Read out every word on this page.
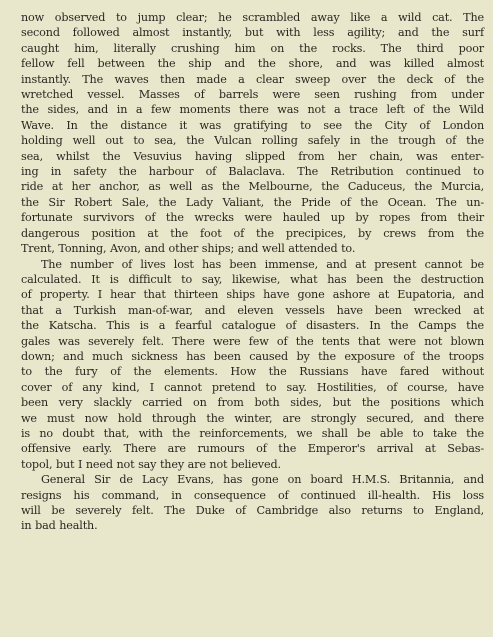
now observed to jump clear; he scrambled away like a wild cat. The
second followed almost instantly, but with less agility; and the surf
caught him, literally crushing him on the rocks. The third poor
fellow fell between the ship and the shore, and was killed almost
instantly. The waves then made a clear sweep over the deck of the
wretched vessel. Masses of barrels were seen rushing from under
the sides, and in a few moments there was not a trace left of the Wild
Wave. In the distance it was gratifying to see the City of London
holding well out to sea, the Vulcan rolling safely in the trough of the
sea, whilst the Vesuvius having slipped from her chain, was enter-
ing in safety the harbour of Balaclava. The Retribution continued to
ride at her anchor, as well as the Melbourne, the Caduceus, the Murcia,
the Sir Robert Sale, the Lady Valiant, the Pride of the Ocean. The un-
fortunate survivors of the wrecks were hauled up by ropes from their
dangerous position at the foot of the precipices, by crews from the
Trent, Tonning, Avon, and other ships; and well attended to.
The number of lives lost has been immense, and at present cannot be
calculated. It is difficult to say, likewise, what has been the destruction
of property. I hear that thirteen ships have gone ashore at Eupatoria, and
that a Turkish man-of-war, and eleven vessels have been wrecked at
the Katscha. This is a fearful catalogue of disasters. In the Camps the
gales was severely felt. There were few of the tents that were not blown
down; and much sickness has been caused by the exposure of the troops
to the fury of the elements. How the Russians have fared without
cover of any kind, I cannot pretend to say. Hostilities, of course, have
been very slackly carried on from both sides, but the positions which
we must now hold through the winter, are strongly secured, and there
is no doubt that, with the reinforcements, we shall be able to take the
offensive early. There are rumours of the Emperor's arrival at Sebas-
topol, but I need not say they are not believed.
General Sir de Lacy Evans, has gone on board H.M.S. Britannia, and
resigns his command, in consequence of continued ill-health. His loss
will be severely felt. The Duke of Cambridge also returns to England,
in bad health.
